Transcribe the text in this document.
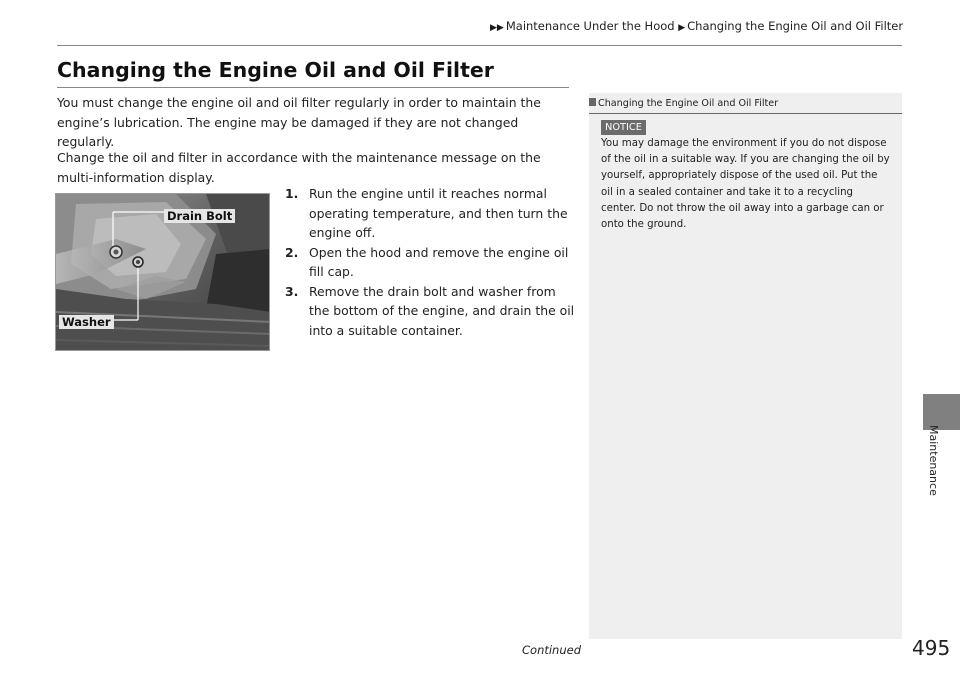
▶▶ Maintenance Under the Hood ▶ Changing the Engine Oil and Oil Filter
Changing the Engine Oil and Oil Filter

You must change the engine oil and oil filter regularly in order to maintain the engine’s lubrication. The engine may be damaged if they are not changed regularly.

Change the oil and filter in accordance with the maintenance message on the multi-information display.

Drain Bolt
Washer
1. Run the engine until it reaches normal operating temperature, and then turn the engine off.
2. Open the hood and remove the engine oil fill cap.
3. Remove the drain bolt and washer from the bottom of the engine, and drain the oil into a suitable container.
Changing the Engine Oil and Oil Filter
NOTICE

You may damage the environment if you do not dispose of the oil in a suitable way. If you are changing the oil by yourself, appropriately dispose of the used oil. Put the oil in a sealed container and take it to a recycling center. Do not throw the oil away into a garbage can or onto the ground.

Maintenance
Continued	495
